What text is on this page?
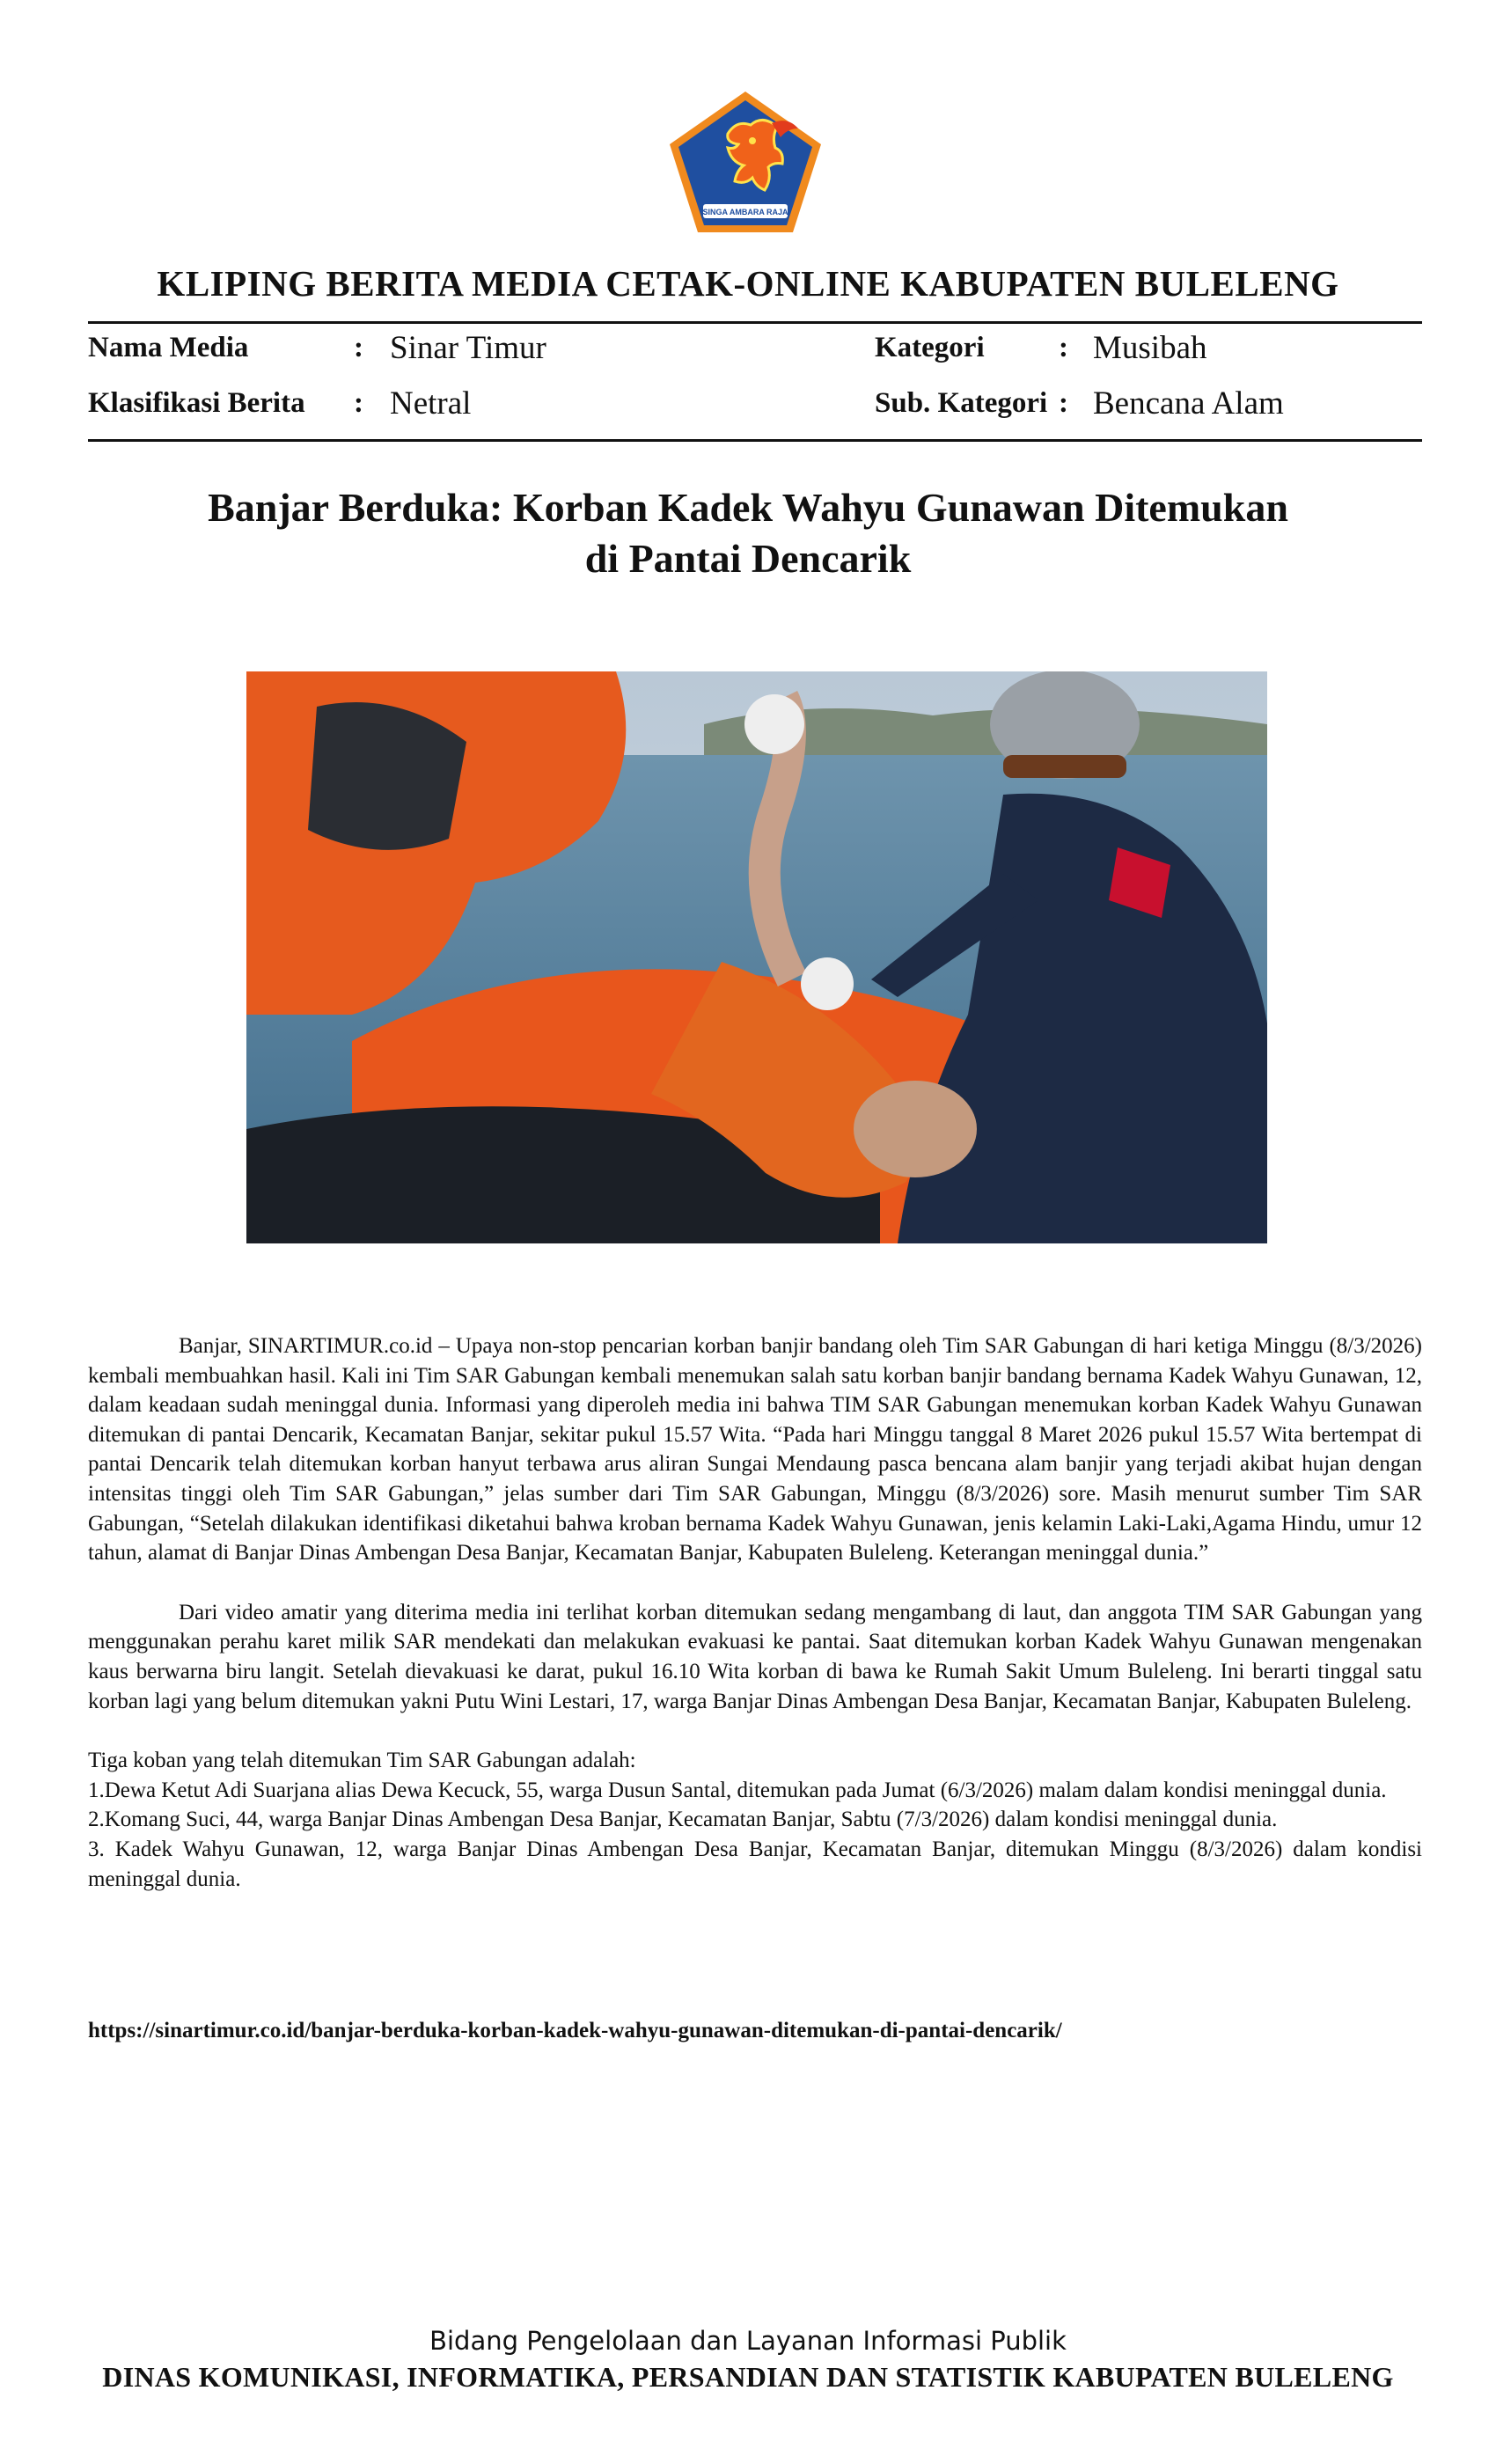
SINGA AMBARA RAJA
KLIPING BERITA MEDIA CETAK-ONLINE KABUPATEN BULELENG
Nama Media	: Sinar Timur
Klasifikasi Berita : Netral
Kategori	: Musibah
Sub. Kategori : Bencana Alam
Banjar Berduka: Korban Kadek Wahyu Gunawan Ditemukan
di Pantai Dencarik

Banjar, SINARTIMUR.co.id – Upaya non-stop pencarian korban banjir bandang oleh Tim SAR Gabungan di hari ketiga Minggu (8/3/2026) kembali membuahkan hasil. Kali ini Tim SAR Gabungan kembali menemukan salah satu korban banjir bandang bernama Kadek Wahyu Gunawan, 12, dalam keadaan sudah meninggal dunia. Informasi yang diperoleh media ini bahwa TIM SAR Gabungan menemukan korban Kadek Wahyu Gunawan ditemukan di pantai Dencarik, Kecamatan Banjar, sekitar pukul 15.57 Wita. “Pada hari Minggu tanggal 8 Maret 2026 pukul 15.57 Wita bertempat di pantai Dencarik telah ditemukan korban hanyut terbawa arus aliran Sungai Mendaung pasca bencana alam banjir yang terjadi akibat hujan dengan intensitas tinggi oleh Tim SAR Gabungan,” jelas sumber dari Tim SAR Gabungan, Minggu (8/3/2026) sore. Masih menurut sumber Tim SAR Gabungan, “Setelah dilakukan identifikasi diketahui bahwa kroban bernama Kadek Wahyu Gunawan, jenis kelamin Laki-Laki,Agama Hindu, umur 12 tahun, alamat di Banjar Dinas Ambengan Desa Banjar, Kecamatan Banjar, Kabupaten Buleleng. Keterangan meninggal dunia.”

Dari video amatir yang diterima media ini terlihat korban ditemukan sedang mengambang di laut, dan anggota TIM SAR Gabungan yang menggunakan perahu karet milik SAR mendekati dan melakukan evakuasi ke pantai. Saat ditemukan korban Kadek Wahyu Gunawan mengenakan kaus berwarna biru langit. Setelah dievakuasi ke darat, pukul 16.10 Wita korban di bawa ke Rumah Sakit Umum Buleleng. Ini berarti tinggal satu korban lagi yang belum ditemukan yakni Putu Wini Lestari, 17, warga Banjar Dinas Ambengan Desa Banjar, Kecamatan Banjar, Kabupaten Buleleng.

Tiga koban yang telah ditemukan Tim SAR Gabungan adalah:

1.Dewa Ketut Adi Suarjana alias Dewa Kecuck, 55, warga Dusun Santal, ditemukan pada Jumat (6/3/2026) malam dalam kondisi meninggal dunia.

2.Komang Suci, 44, warga Banjar Dinas Ambengan Desa Banjar, Kecamatan Banjar, Sabtu (7/3/2026) dalam kondisi meninggal dunia.

3. Kadek Wahyu Gunawan, 12, warga Banjar Dinas Ambengan Desa Banjar, Kecamatan Banjar, ditemukan Minggu (8/3/2026) dalam kondisi meninggal dunia.

https://sinartimur.co.id/banjar-berduka-korban-kadek-wahyu-gunawan-ditemukan-di-pantai-dencarik/
Bidang Pengelolaan dan Layanan Informasi Publik
DINAS KOMUNIKASI, INFORMATIKA, PERSANDIAN DAN STATISTIK KABUPATEN BULELENG
